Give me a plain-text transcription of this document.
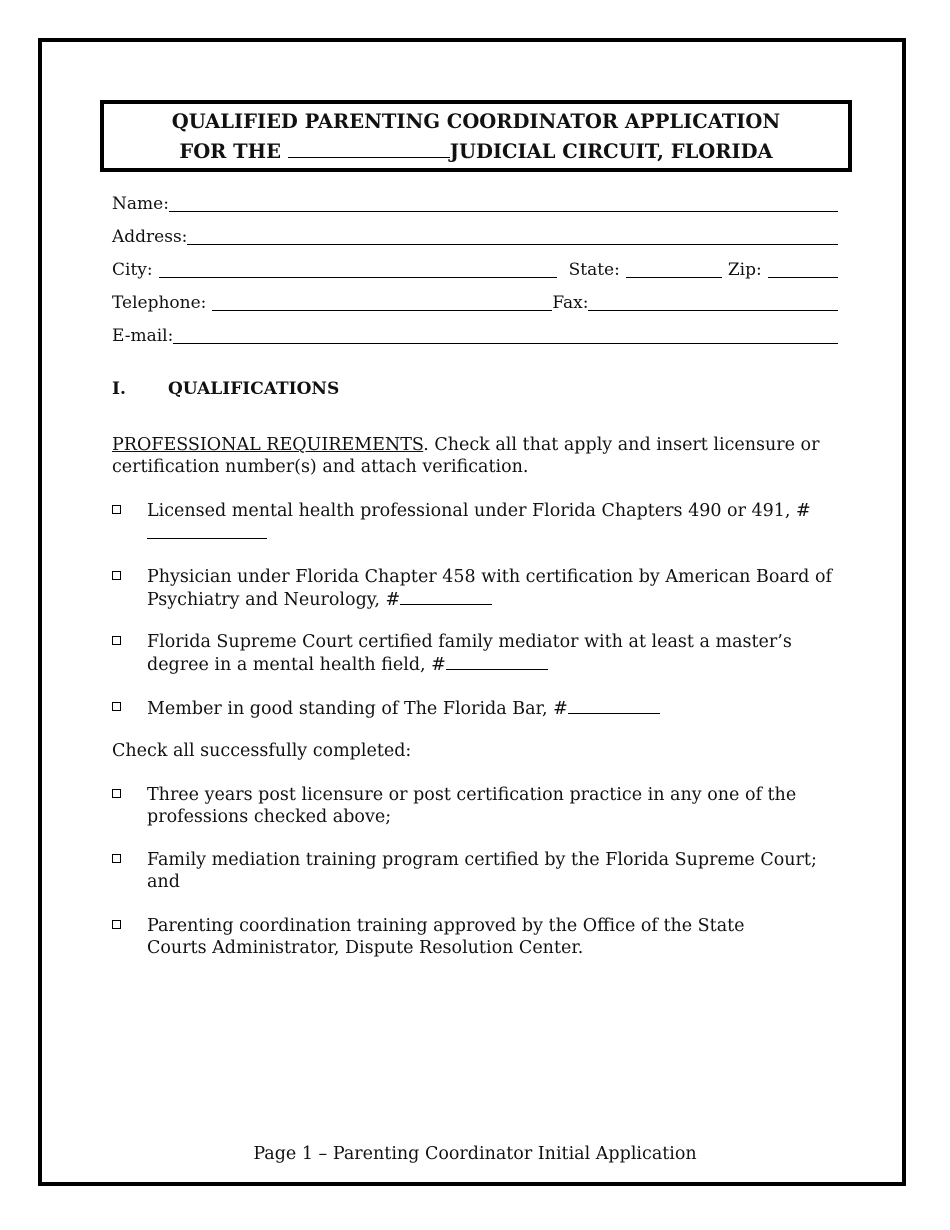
QUALIFIED PARENTING COORDINATOR APPLICATION
FOR THE	JUDICIAL CIRCUIT, FLORIDA
Name:
Address:
City:	State:	Zip:
Telephone:	Fax:
E-mail:
I. QUALIFICATIONS
PROFESSIONAL REQUIREMENTS. Check all that apply and insert licensure or certification number(s) and attach verification.
Licensed mental health professional under Florida Chapters 490 or 491, #
Physician under Florida Chapter 458 with certification by American Board of Psychiatry and Neurology, #
Florida Supreme Court certified family mediator with at least a master’s degree in a mental health field, #
Member in good standing of The Florida Bar, #
Check all successfully completed:
Three years post licensure or post certification practice in any one of the professions checked above;
Family mediation training program certified by the Florida Supreme Court; and
Parenting coordination training approved by the Office of the State Courts Administrator, Dispute Resolution Center.
Page 1 – Parenting Coordinator Initial Application
